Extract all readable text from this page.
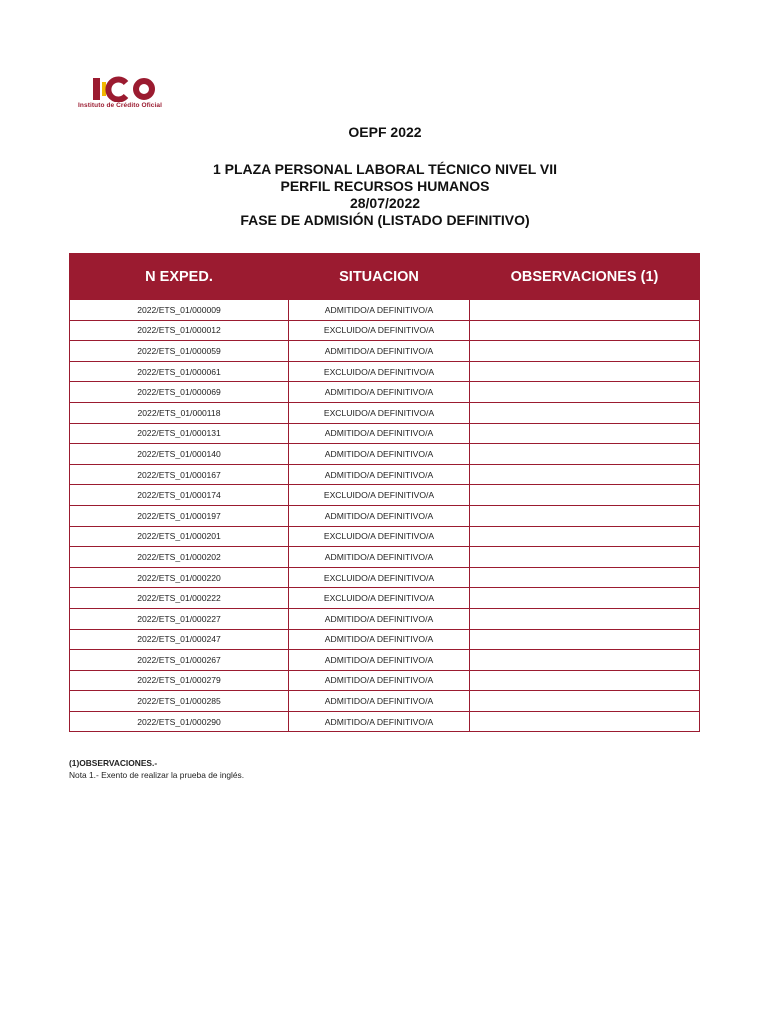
Instituto de Crédito Oficial
OEPF 2022
1 PLAZA PERSONAL LABORAL TÉCNICO NIVEL VII
PERFIL RECURSOS HUMANOS
28/07/2022
FASE DE ADMISIÓN (LISTADO DEFINITIVO)
N EXPED.	SITUACION	OBSERVACIONES (1)
2022/ETS_01/000009	ADMITIDO/A DEFINITIVO/A	
2022/ETS_01/000012	EXCLUIDO/A DEFINITIVO/A	
2022/ETS_01/000059	ADMITIDO/A DEFINITIVO/A	
2022/ETS_01/000061	EXCLUIDO/A DEFINITIVO/A	
2022/ETS_01/000069	ADMITIDO/A DEFINITIVO/A	
2022/ETS_01/000118	EXCLUIDO/A DEFINITIVO/A	
2022/ETS_01/000131	ADMITIDO/A DEFINITIVO/A	
2022/ETS_01/000140	ADMITIDO/A DEFINITIVO/A	
2022/ETS_01/000167	ADMITIDO/A DEFINITIVO/A	
2022/ETS_01/000174	EXCLUIDO/A DEFINITIVO/A	
2022/ETS_01/000197	ADMITIDO/A DEFINITIVO/A	
2022/ETS_01/000201	EXCLUIDO/A DEFINITIVO/A	
2022/ETS_01/000202	ADMITIDO/A DEFINITIVO/A	
2022/ETS_01/000220	EXCLUIDO/A DEFINITIVO/A	
2022/ETS_01/000222	EXCLUIDO/A DEFINITIVO/A	
2022/ETS_01/000227	ADMITIDO/A DEFINITIVO/A	
2022/ETS_01/000247	ADMITIDO/A DEFINITIVO/A	
2022/ETS_01/000267	ADMITIDO/A DEFINITIVO/A	
2022/ETS_01/000279	ADMITIDO/A DEFINITIVO/A	
2022/ETS_01/000285	ADMITIDO/A DEFINITIVO/A	
2022/ETS_01/000290	ADMITIDO/A DEFINITIVO/A	
(1)OBSERVACIONES.-
Nota 1.- Exento de realizar la prueba de inglés.
